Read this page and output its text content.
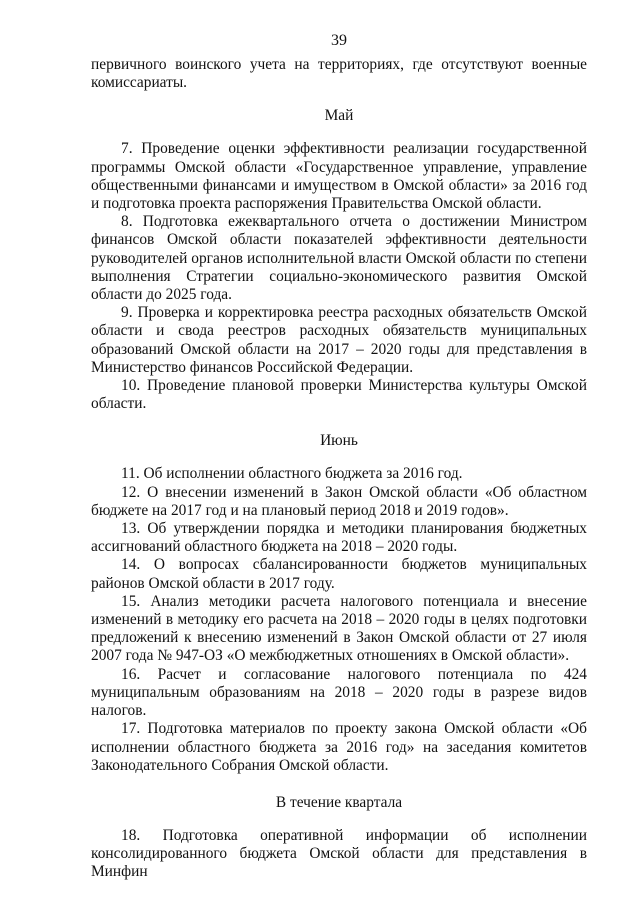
39

первичного воинского учета на территориях, где отсутствуют военные комиссариаты.

Май

7. Проведение оценки эффективности реализации государственной программы Омской области «Государственное управление, управление общественными финансами и имуществом в Омской области» за 2016 год и подготовка проекта распоряжения Правительства Омской области.

8. Подготовка ежеквартального отчета о достижении Министром финансов Омской области показателей эффективности деятельности руководителей органов исполнительной власти Омской области по степени выполнения Стратегии социально-экономического развития Омской области до 2025 года.

9. Проверка и корректировка реестра расходных обязательств Омской области и свода реестров расходных обязательств муниципальных образований Омской области на 2017 – 2020 годы для представления в Министерство финансов Российской Федерации.

10. Проведение плановой проверки Министерства культуры Омской области.

Июнь

11. Об исполнении областного бюджета за 2016 год.

12. О внесении изменений в Закон Омской области «Об областном бюджете на 2017 год и на плановый период 2018 и 2019 годов».

13. Об утверждении порядка и методики планирования бюджетных ассигнований областного бюджета на 2018 – 2020 годы.

14. О вопросах сбалансированности бюджетов муниципальных районов Омской области в 2017 году.

15. Анализ методики расчета налогового потенциала и внесение изменений в методику его расчета на 2018 – 2020 годы в целях подготовки предложений к внесению изменений в Закон Омской области от 27 июля 2007 года № 947-ОЗ «О межбюджетных отношениях в Омской области».

16. Расчет и согласование налогового потенциала по 424 муниципальным образованиям на 2018 – 2020 годы в разрезе видов налогов.

17. Подготовка материалов по проекту закона Омской области «Об исполнении областного бюджета за 2016 год» на заседания комитетов Законодательного Собрания Омской области.

В течение квартала

18. Подготовка оперативной информации об исполнении консолидированного бюджета Омской области для представления в Минфин
